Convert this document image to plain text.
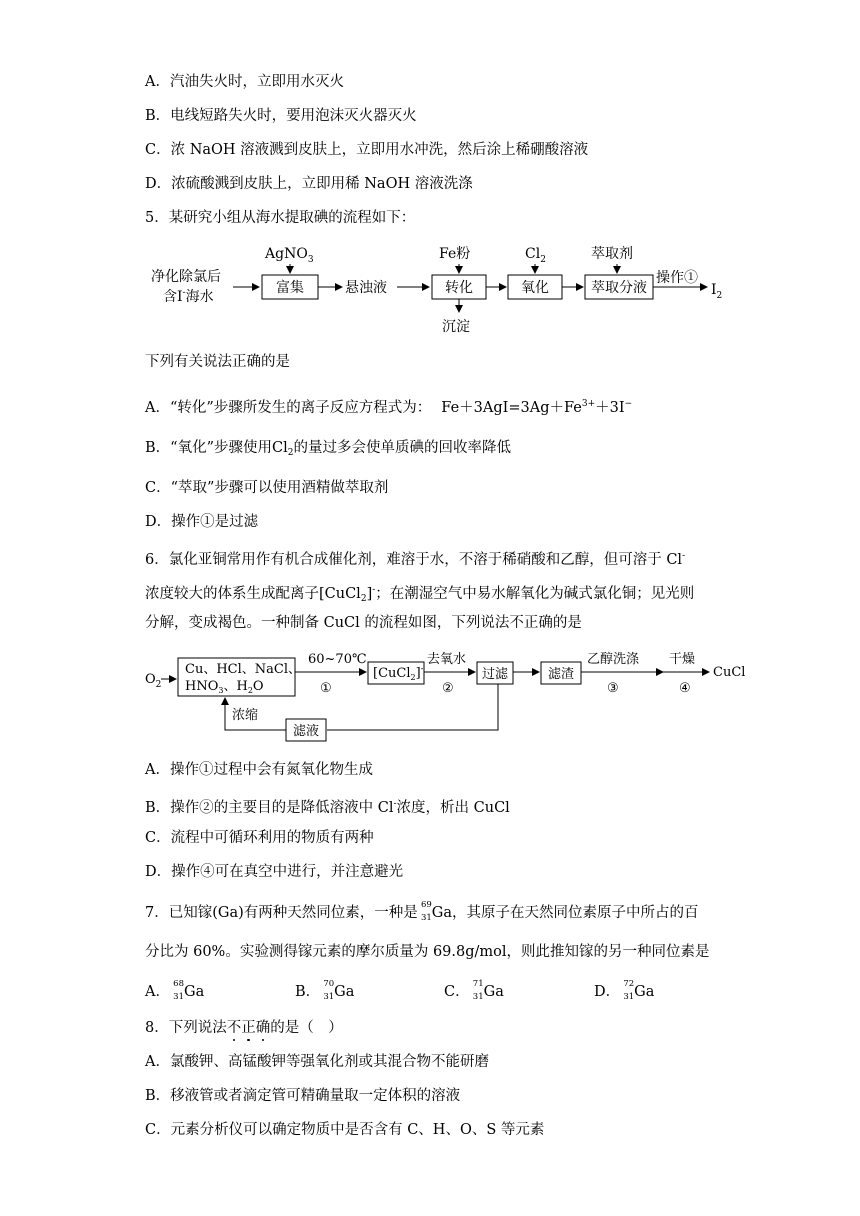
A．汽油失火时，立即用水灭火
B．电线短路失火时，要用泡沫灭火器灭火
C．浓 NaOH 溶液溅到皮肤上，立即用水冲洗，然后涂上稀硼酸溶液
D．浓硫酸溅到皮肤上，立即用稀 NaOH 溶液洗涤
5．某研究小组从海水提取碘的流程如下：
净化除氯后
含I-海水
AgNO$_3$
富集	悬浊液
Fe粉
转化
沉淀
$Cl_2$
氧化
萃取剂
萃取分液
操作①
$I_2$
下列有关说法正确的是
A．“转化”步骤所发生的离子反应方程式为： $Fe+3AgI=3Ag+Fe^{3+}+3I^-$
B．“氧化”步骤使用$Cl_2$的量过多会使单质碘的回收率降低
C．“萃取”步骤可以使用酒精做萃取剂
D．操作①是过滤
6．氯化亚铜常用作有机合成催化剂，难溶于水，不溶于稀硝酸和乙醇，但可溶于 Cl-
浓度较大的体系生成配离子[CuCl$_2$]-；在潮湿空气中易水解氧化为碱式氯化铜；见光则
分解，变成褐色。一种制备 CuCl 的流程如图，下列说法不正确的是
$O_2$
Cu、HCl、NaCl、
$HNO_3$、$H_2O$
60~70℃
①
[CuCl$_2$]-
去氧水
②
过滤	滤渣
乙醇洗涤
③
干燥
④
CuCl
滤液
浓缩
A．操作①过程中会有氮氧化物生成
B．操作②的主要目的是降低溶液中 Cl-浓度，析出 CuCl
C．流程中可循环利用的物质有两种
D．操作④可在真空中进行，并注意避光
7．已知镓(Ga)有两种天然同位素，一种是 69
31 Ga，其原子在天然同位素原子中所占的百
分比为 60%。实验测得镓元素的摩尔质量为 69.8g/mol，则此推知镓的另一种同位素是
A． 68
31 Ga	B． 70
31 Ga	C． 71
31 Ga	D． 72
31 Ga
8．下列说法不正确的是（　）
A．氯酸钾、高锰酸钾等强氧化剂或其混合物不能研磨
B．移液管或者滴定管可精确量取一定体积的溶液
C．元素分析仪可以确定物质中是否含有 C、H、O、S 等元素
